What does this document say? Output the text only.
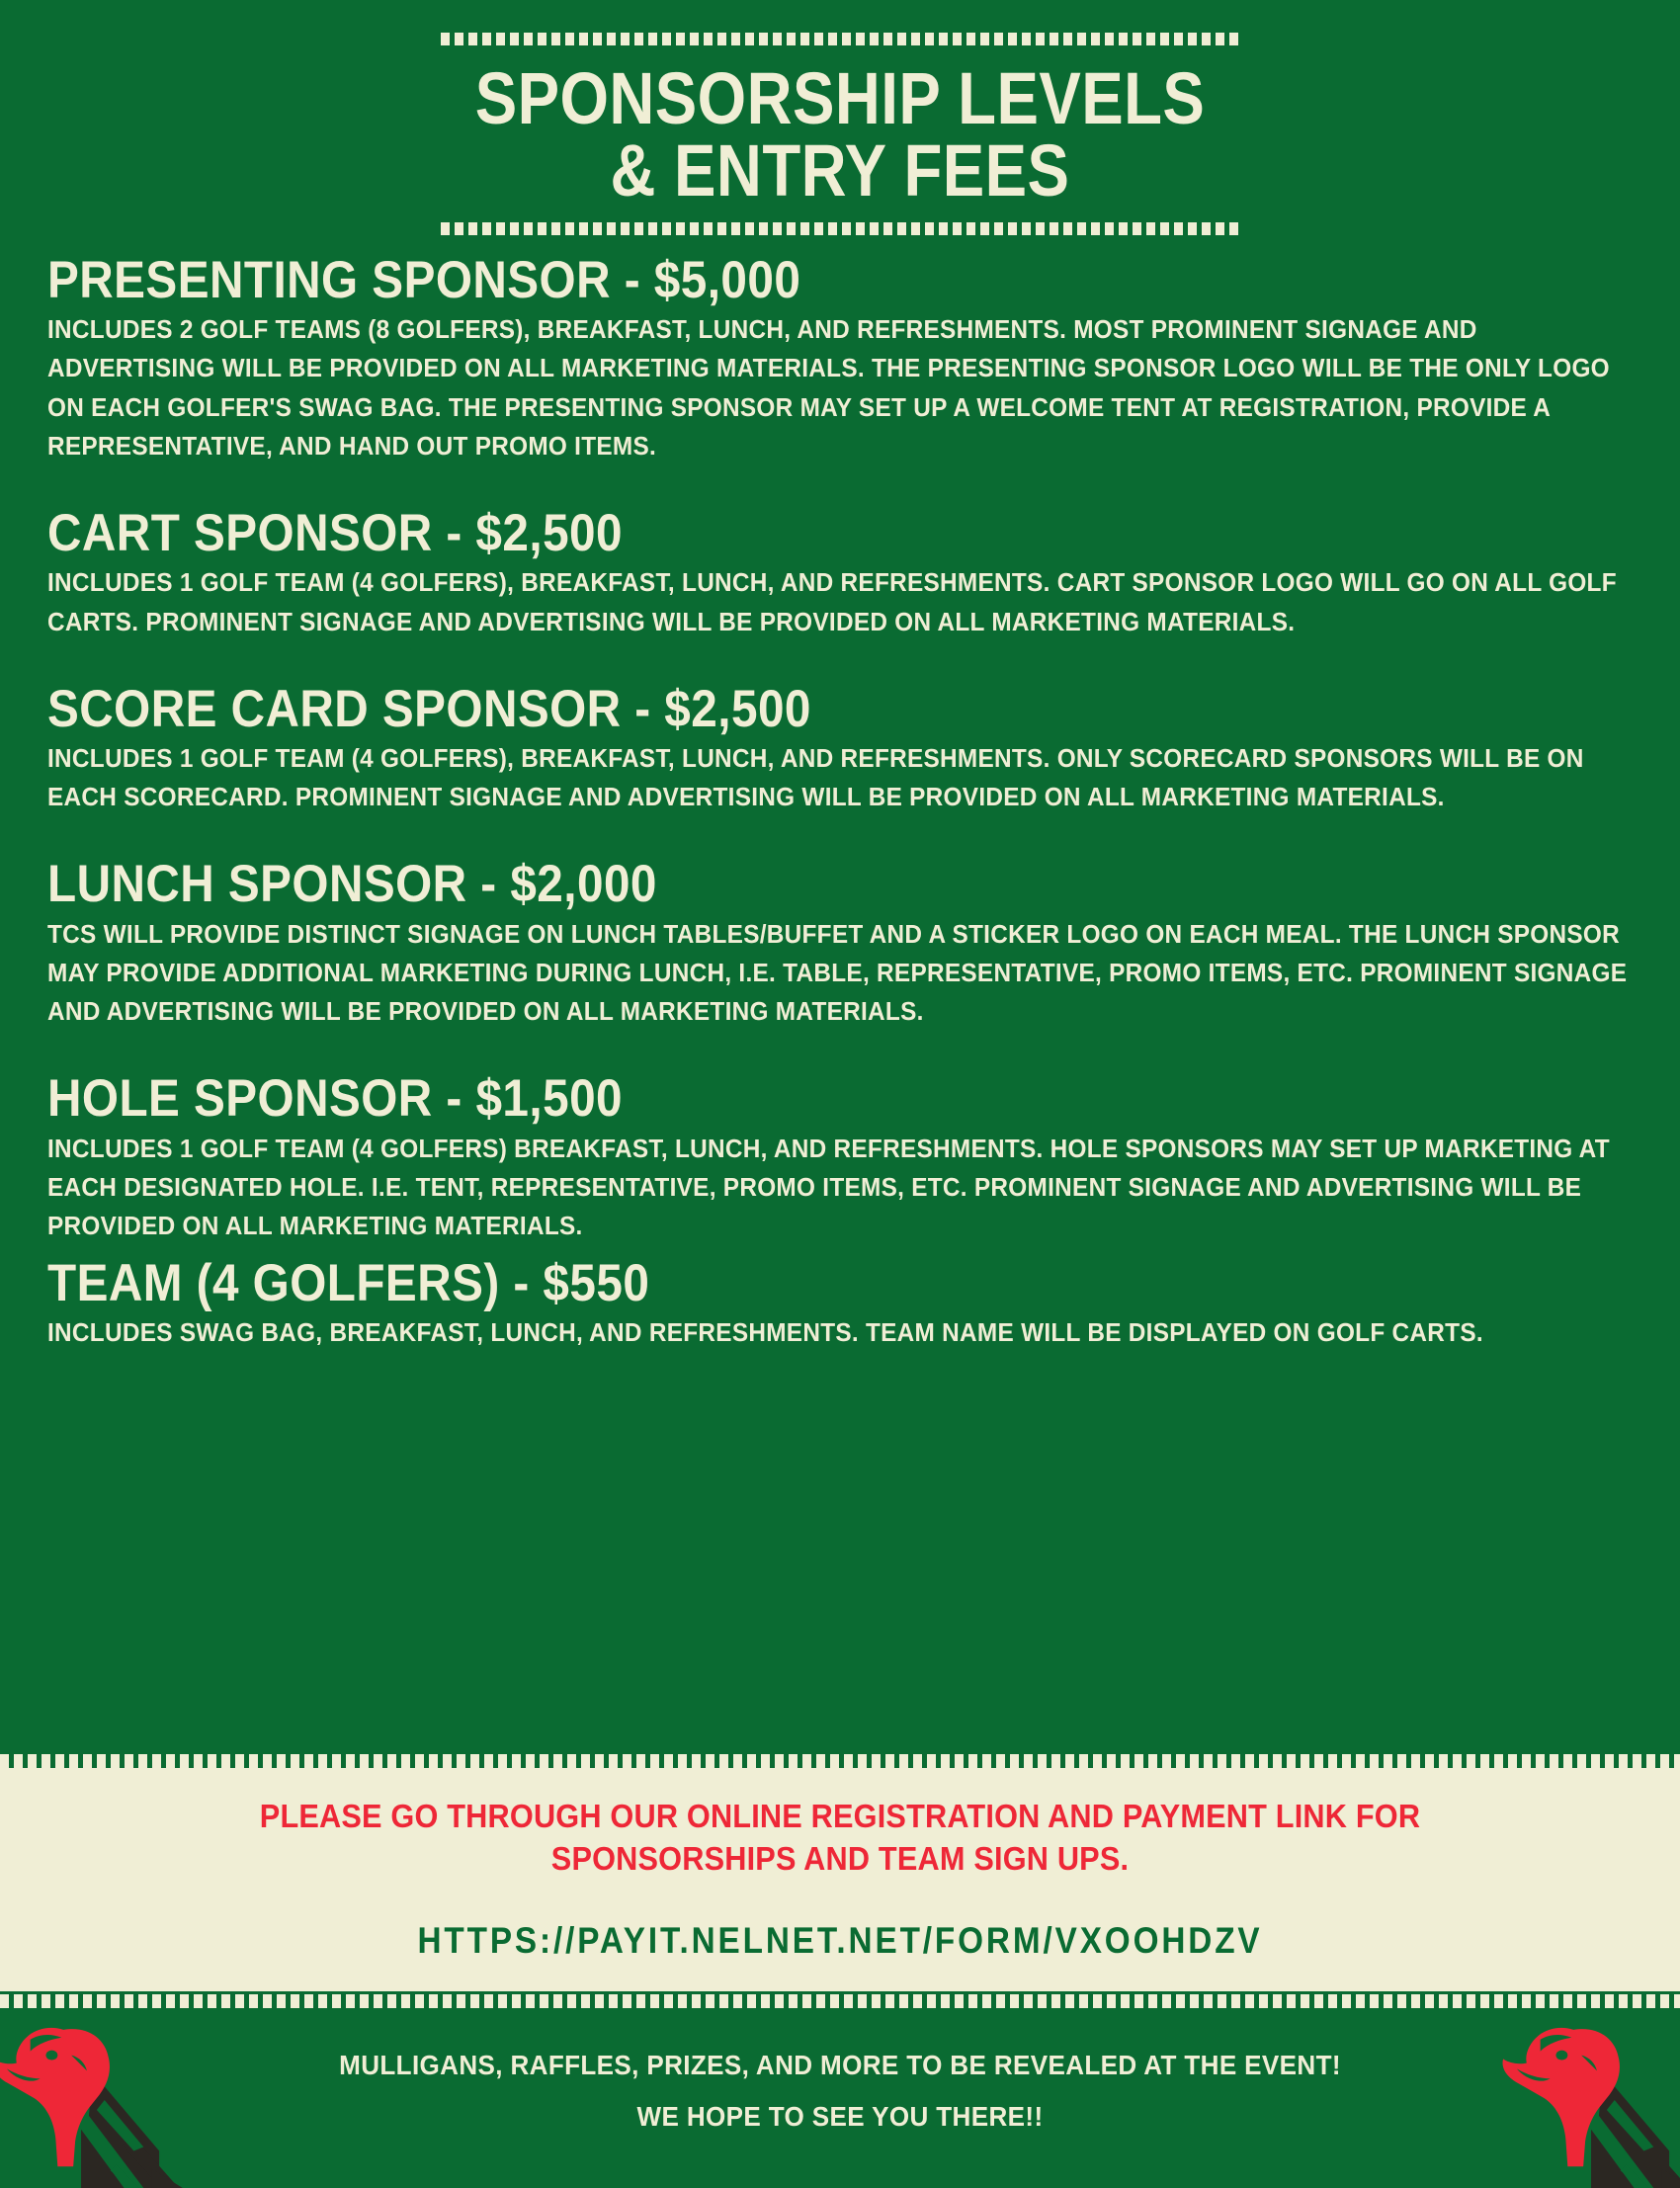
SPONSORSHIP LEVELS
& ENTRY FEES
PRESENTING SPONSOR - $5,000
INCLUDES 2 GOLF TEAMS (8 GOLFERS), BREAKFAST, LUNCH, AND REFRESHMENTS. MOST PROMINENT SIGNAGE AND ADVERTISING WILL BE PROVIDED ON ALL MARKETING MATERIALS. THE PRESENTING SPONSOR LOGO WILL BE THE ONLY LOGO ON EACH GOLFER'S SWAG BAG. THE PRESENTING SPONSOR MAY SET UP A WELCOME TENT AT REGISTRATION, PROVIDE A REPRESENTATIVE, AND HAND OUT PROMO ITEMS.
CART SPONSOR - $2,500
INCLUDES 1 GOLF TEAM (4 GOLFERS), BREAKFAST, LUNCH, AND REFRESHMENTS. CART SPONSOR LOGO WILL GO ON ALL GOLF CARTS. PROMINENT SIGNAGE AND ADVERTISING WILL BE PROVIDED ON ALL MARKETING MATERIALS.
SCORE CARD SPONSOR - $2,500
INCLUDES 1 GOLF TEAM (4 GOLFERS), BREAKFAST, LUNCH, AND REFRESHMENTS. ONLY SCORECARD SPONSORS WILL BE ON EACH SCORECARD. PROMINENT SIGNAGE AND ADVERTISING WILL BE PROVIDED ON ALL MARKETING MATERIALS.
LUNCH SPONSOR - $2,000
TCS WILL PROVIDE DISTINCT SIGNAGE ON LUNCH TABLES/BUFFET AND A STICKER LOGO ON EACH MEAL. THE LUNCH SPONSOR MAY PROVIDE ADDITIONAL MARKETING DURING LUNCH, I.E. TABLE, REPRESENTATIVE, PROMO ITEMS, ETC. PROMINENT SIGNAGE AND ADVERTISING WILL BE PROVIDED ON ALL MARKETING MATERIALS.
HOLE SPONSOR - $1,500
INCLUDES 1 GOLF TEAM (4 GOLFERS) BREAKFAST, LUNCH, AND REFRESHMENTS. HOLE SPONSORS MAY SET UP MARKETING AT EACH DESIGNATED HOLE. I.E. TENT, REPRESENTATIVE, PROMO ITEMS, ETC. PROMINENT SIGNAGE AND ADVERTISING WILL BE PROVIDED ON ALL MARKETING MATERIALS.
TEAM (4 GOLFERS) - $550
INCLUDES SWAG BAG, BREAKFAST, LUNCH, AND REFRESHMENTS. TEAM NAME WILL BE DISPLAYED ON GOLF CARTS.
PLEASE GO THROUGH OUR ONLINE REGISTRATION AND PAYMENT LINK FOR
SPONSORSHIPS AND TEAM SIGN UPS.
HTTPS://PAYIT.NELNET.NET/FORM/VXOOHDZV
MULLIGANS, RAFFLES, PRIZES, AND MORE TO BE REVEALED AT THE EVENT!
WE HOPE TO SEE YOU THERE!!
